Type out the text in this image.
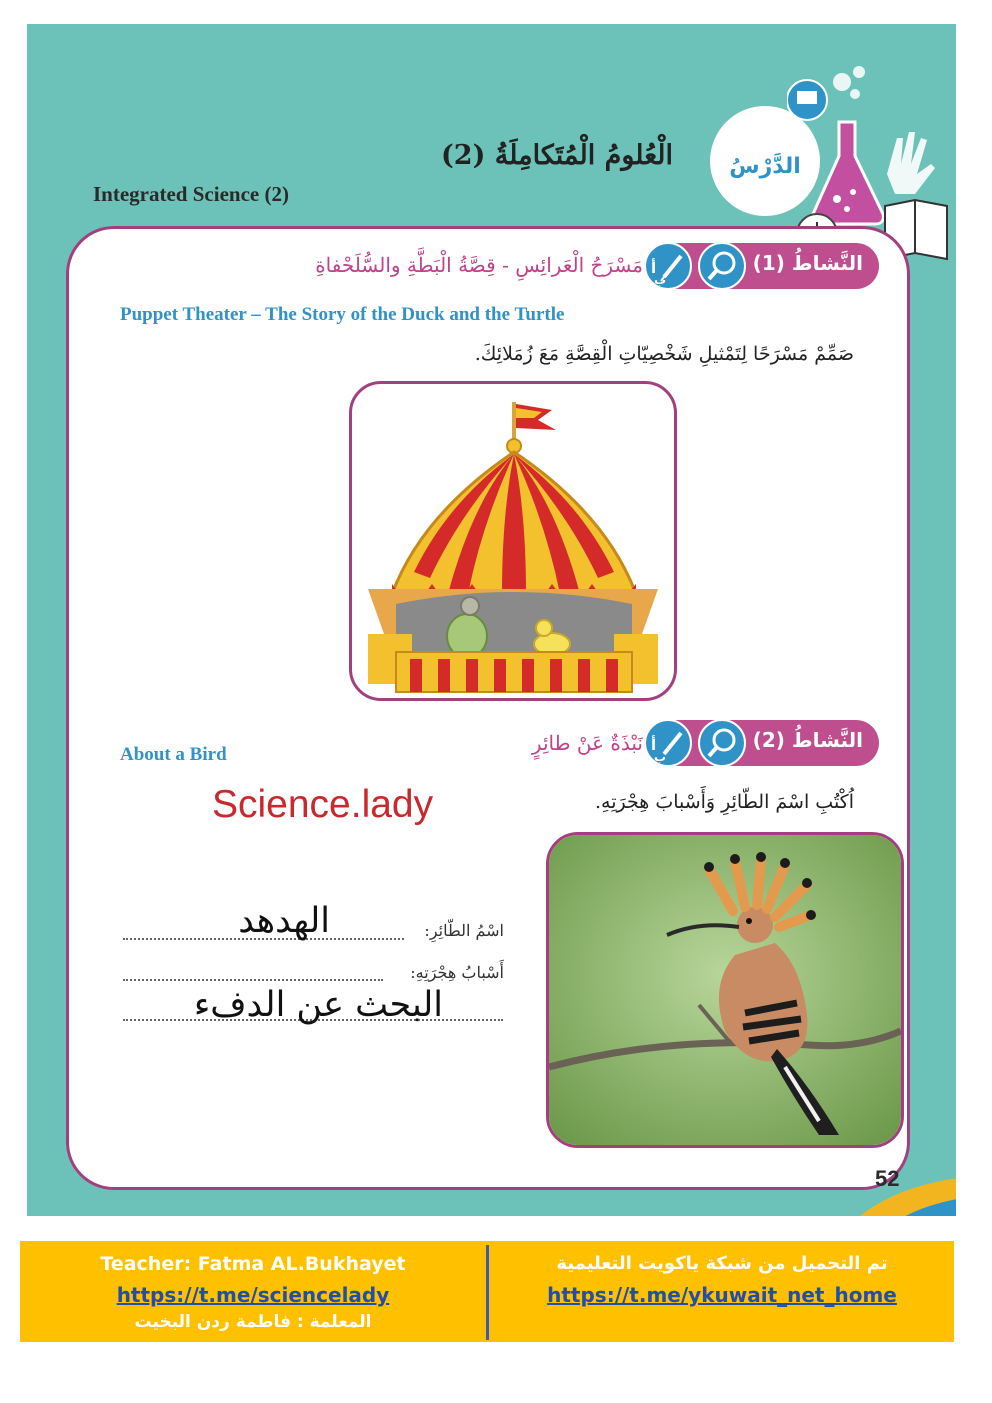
الدَّرْسُ
الْعُلومُ الْمُتَكامِلَةُ (2)
Integrated Science (2)
النَّشاطُ (1)
أ
ب
مَسْرَحُ الْعَرائِسِ - قِصَّةُ الْبَطَّةِ والسُّلَحْفاةِ
Puppet Theater – The Story of the Duck and the Turtle
صَمِّمْ مَسْرَحًا لِتَمْثيلِ شَخْصِيّاتِ الْقِصَّةِ مَعَ زُمَلائِكَ.
النَّشاطُ (2)
أ
ب
نَبْذَةٌ عَنْ طائِرٍ
About a Bird
اُكْتُبِ اسْمَ الطّائِرِ وَأَسْبابَ هِجْرَتِهِ.
Science.lady
اسْمُ الطّائِرِ:
الهدهد
أَسْبابُ هِجْرَتِهِ:
البحث عن الدفء
52
Teacher: Fatma AL.Bukhayet
https://t.me/sciencelady
المعلمة : فاطمة ردن البخيت
تم التحميل من شبكة ياكويت التعليمية
https://t.me/ykuwait_net_home
